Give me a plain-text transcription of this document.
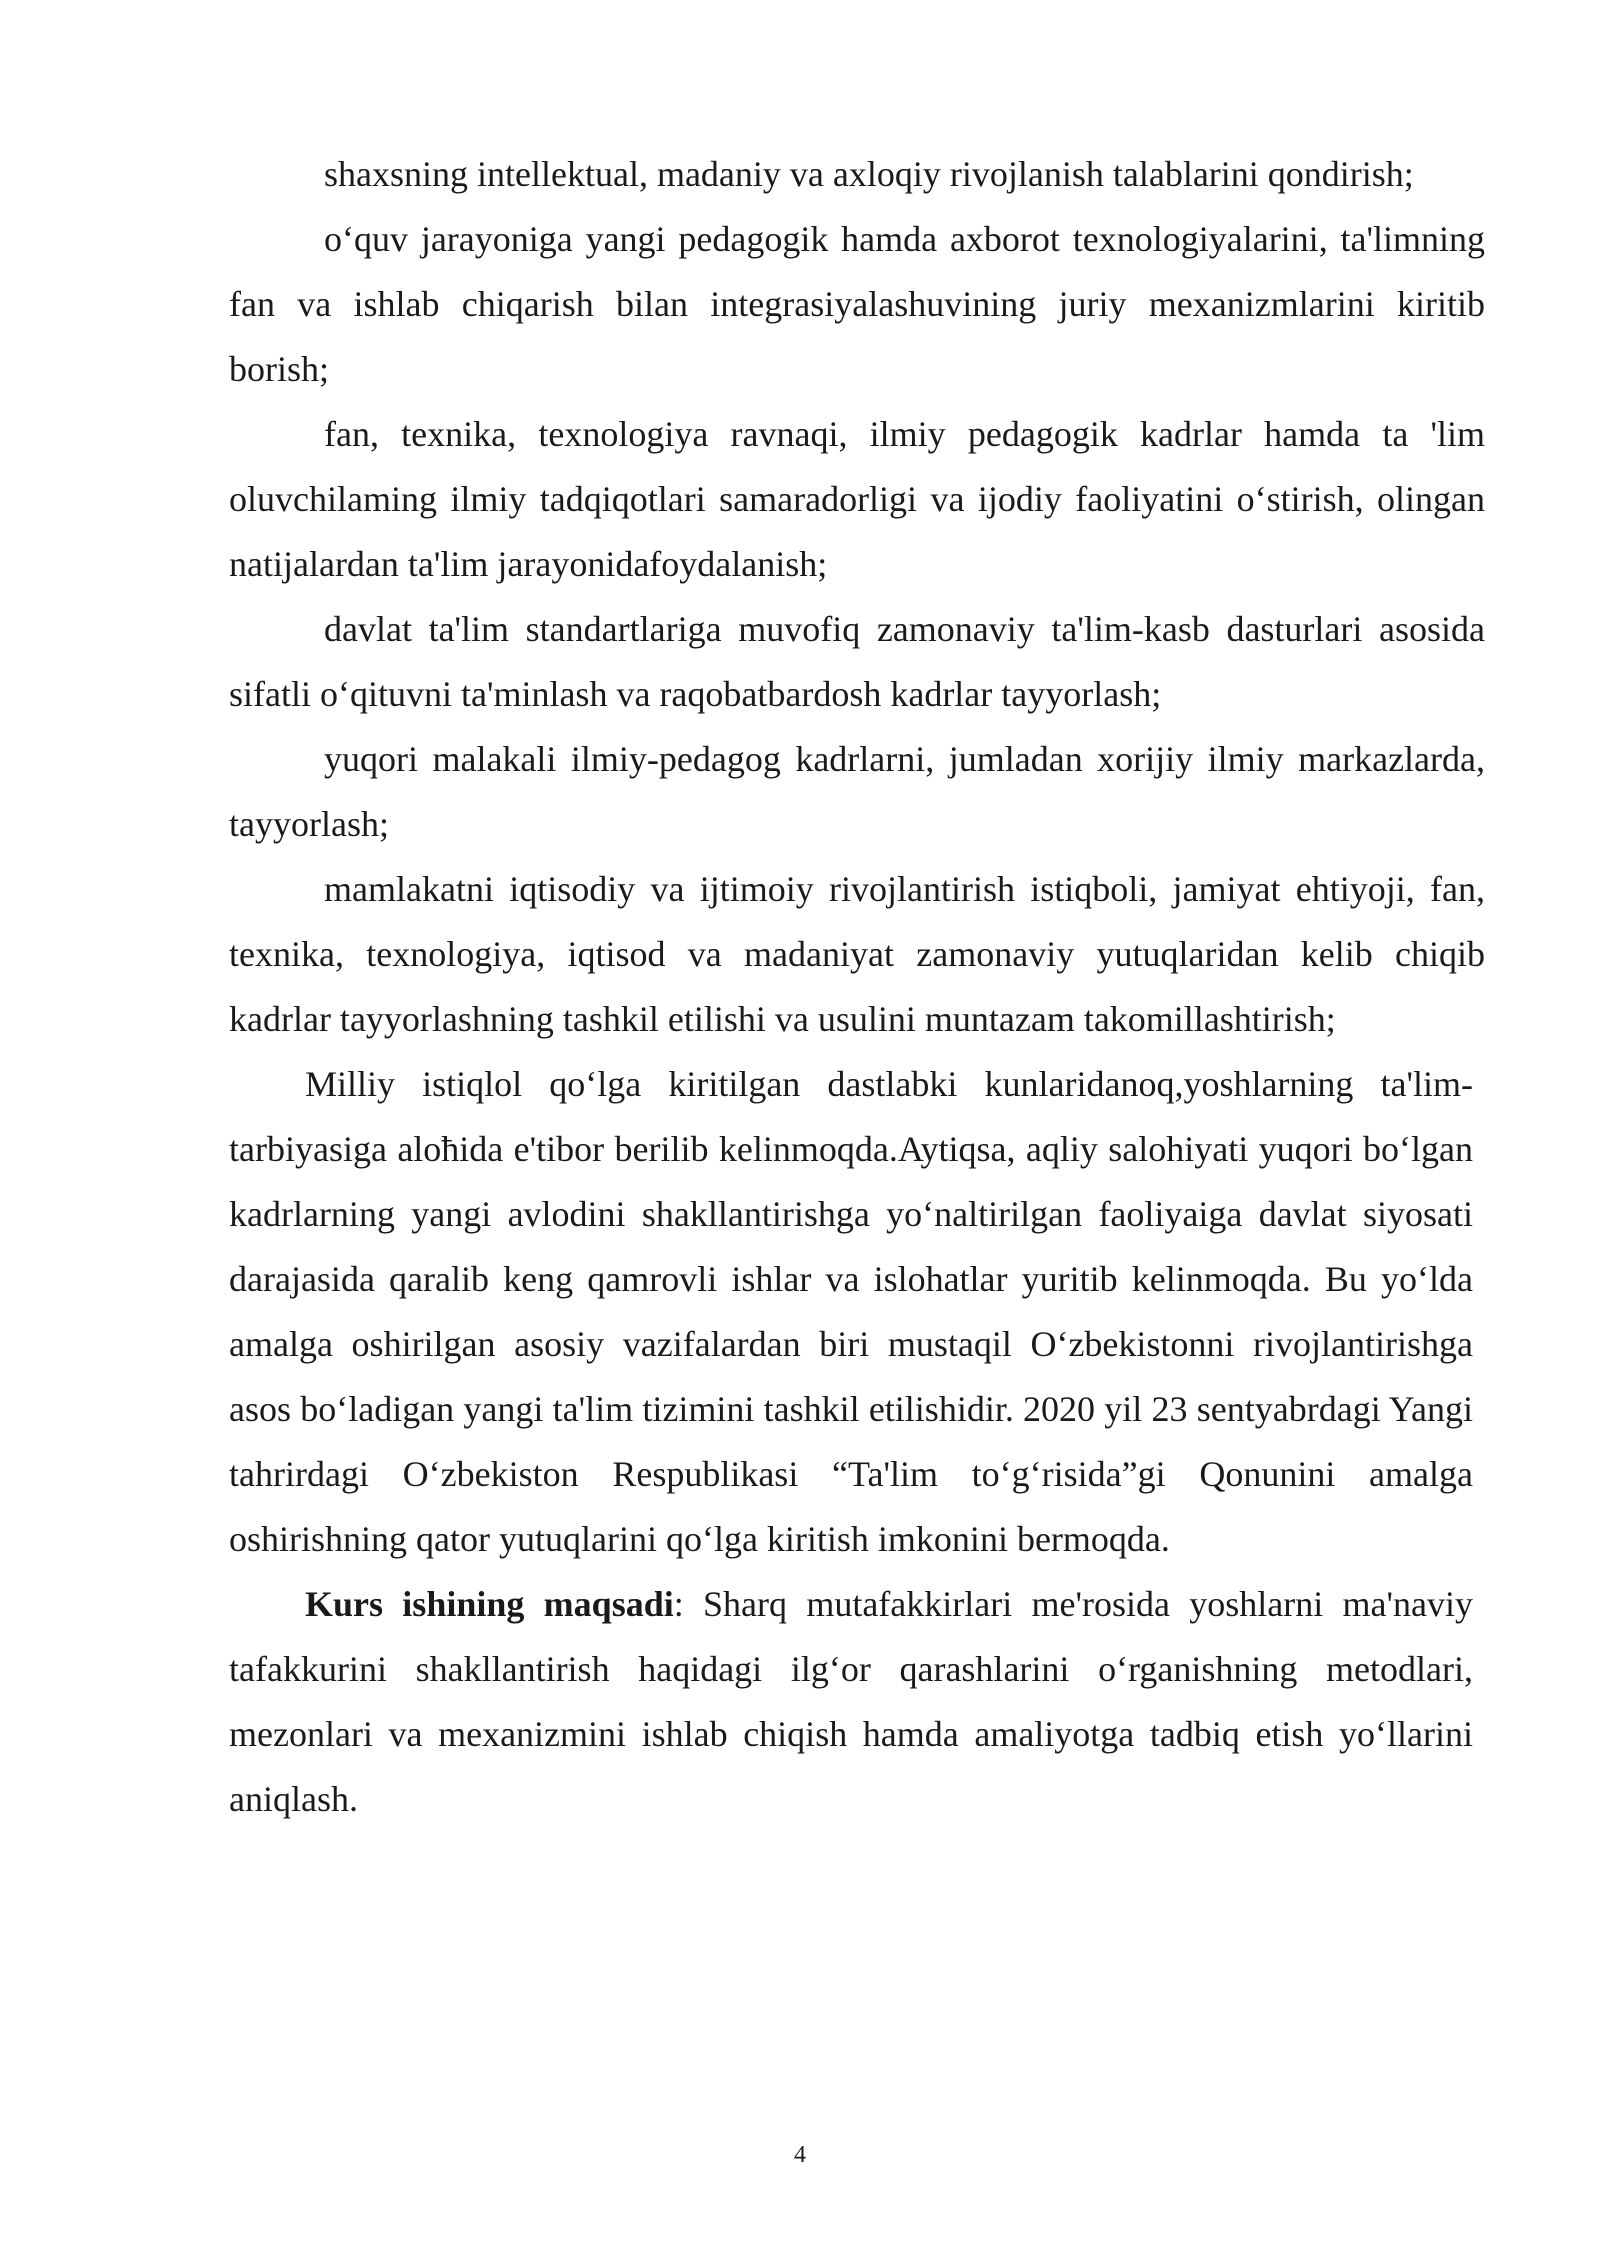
shaxsning intellektual, madaniy va axloqiy rivojlanish talablarini qondirish;

o‘quv jarayoniga yangi pedagogik hamda axborot texnologiyalarini, ta'limning fan va ishlab chiqarish bilan integrasiyalashuvining juriy mexanizmlarini kiritib borish;

fan, texnika, texnologiya ravnaqi, ilmiy pedagogik kadrlar hamda ta 'lim oluvchilaming ilmiy tadqiqotlari samaradorligi va ijodiy faoliyatini o‘stirish, olingan natijalardan ta'lim jarayonidafoydalanish;

davlat ta'lim standartlariga muvofiq zamonaviy ta'lim-kasb dasturlari asosida sifatli o‘qituvni ta'minlash va raqobatbardosh kadrlar tayyorlash;

yuqori malakali ilmiy-pedagog kadrlarni, jumladan xorijiy ilmiy markazlarda, tayyorlash;

mamlakatni iqtisodiy va ijtimoiy rivojlantirish istiqboli, jamiyat ehtiyoji, fan, texnika, texnologiya, iqtisod va madaniyat zamonaviy yutuqlaridan kelib chiqib kadrlar tayyorlashning tashkil etilishi va usulini muntazam takomillashtirish;

Milliy istiqlol qo‘lga kiritilgan dastlabki kunlaridanoq,yoshlarning ta'lim-tarbiyasiga aloħida e'tibor berilib kelinmoqda.Aytiqsa, aqliy salohiyati yuqori bo‘lgan kadrlarning yangi avlodini shakllantirishga yo‘naltirilgan faoliyaiga davlat siyosati darajasida qaralib keng qamrovli ishlar va islohatlar yuritib kelinmoqda. Bu yo‘lda amalga oshirilgan asosiy vazifalardan biri mustaqil O‘zbekistonni rivojlantirishga asos bo‘ladigan yangi ta'lim tizimini tashkil etilishidir. 2020 yil 23 sentyabrdagi Yangi tahrirdagi O‘zbekiston Respublikasi “Ta'lim to‘g‘risida”gi Qonunini amalga oshirishning qator yutuqlarini qo‘lga kiritish imkonini bermoqda.

Kurs ishining maqsadi: Sharq mutafakkirlari me'rosida yoshlarni ma'naviy tafakkurini shakllantirish haqidagi ilg‘or qarashlarini o‘rganishning metodlari, mezonlari va mexanizmini ishlab chiqish hamda amaliyotga tadbiq etish yo‘llarini aniqlash.

4
